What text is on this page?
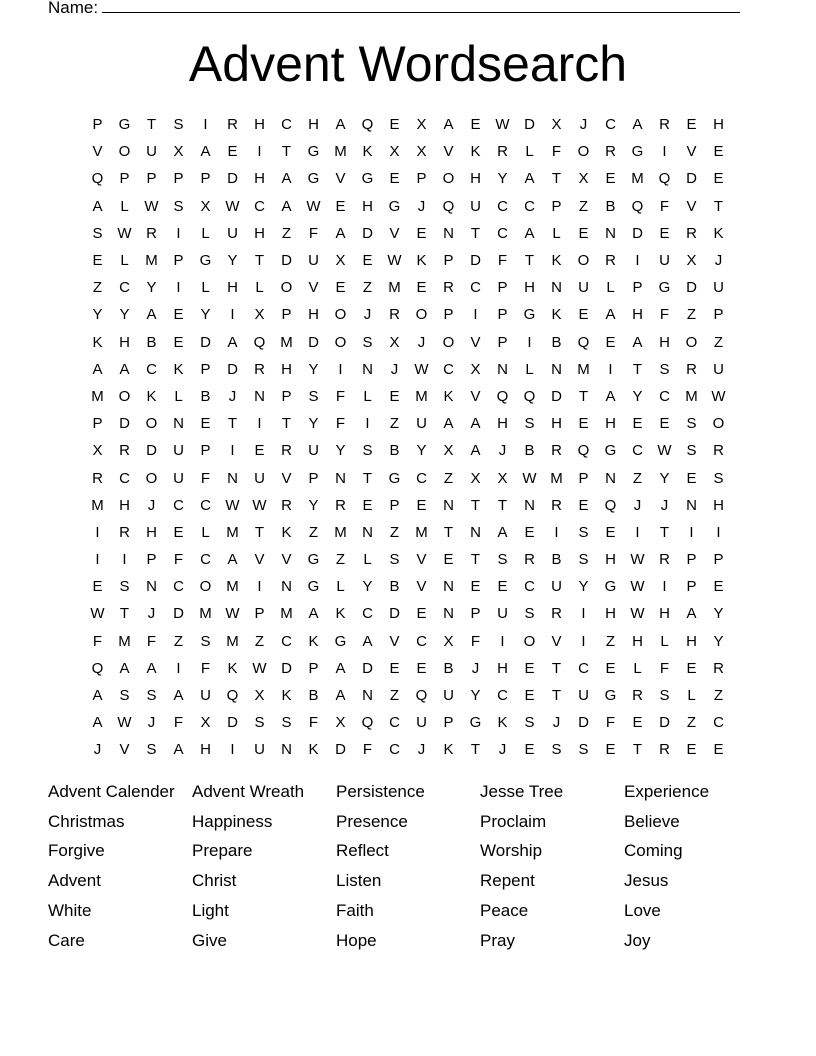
Name:
Advent Wordsearch
P	G	T	S	I	R	H	C	H	A	Q	E	X	A	E W D	X	J	C	A	R	E	H
V	O	U	X	A	E	I	T	G M	K	X	X	V	K	R	L	F	O	R	G	I	V	E
Q	P	P	P	P	D	H	A	G	V	G	E	P	O	H	Y	A	T	X	E	M Q	D	E
A	L	W S	X W C	A W E	H	G	J	Q	U	C	C	P	Z	B	Q	F	V	T
S W R	I	L	U	H	Z	F	A	D	V	E	N	T	C	A	L	E	N	D	E	R	K
E	L	M	P	G	Y	T	D	U	X	E W K	P	D	F	T	K	O	R	I	U	X	J
Z	C	Y	I	L	H	L	O	V	E	Z	M	E	R	C	P	H	N	U	L	P	G	D	U
Y	Y	A	E	Y	I	X	P	H	O	J	R	O	P	I	P	G	K	E	A	H	F	Z	P
K	H	B	E	D	A	Q M	D	O	S	X	J	O	V	P	I	B	Q	E	A	H	O	Z
A	A	C	K	P	D	R	H	Y	I	N	J	W C	X	N	L	N	M	I	T	S	R	U
M O	K	L	B	J	N	P	S	F	L	E	M	K	V	Q	Q	D	T	A	Y	C	M W
P	D	O	N	E	T	I	T	Y	F	I	Z	U	A	A	H	S	H	E	H	E	E	S	O
X	R	D	U	P	I	E	R	U	Y	S	B	Y	X	A	J	B	R	Q	G	C W S	R
R	C	O	U	F	N	U	V	P	N	T	G	C	Z	X	X W M	P	N	Z	Y	E	S
M	H	J	C	C W W R	Y	R	E	P	E	N	T	T	N	R	E	Q	J	J	N	H
I	R	H	E	L	M	T	K	Z	M	N	Z	M	T	N	A	E	I	S	E	I	T	I	I
I	I	P	F	C	A	V	V	G	Z	L	S	V	E	T	S	R	B	S	H W R	P	P
E	S	N	C	O M	I	N	G	L	Y	B	V	N	E	E	C	U	Y	G W	I	P	E
W	T	J	D	M W P	M	A	K	C	D	E	N	P	U	S	R	I	H W H	A	Y
F	M	F	Z	S	M	Z	C	K	G	A	V	C	X	F	I	O	V	I	Z	H	L	H	Y
Q	A	A	I	F	K W D	P	A	D	E	E	B	J	H	E	T	C	E	L	F	E	R
A	S	S	A	U	Q	X	K	B	A	N	Z	Q	U	Y	C	E	T	U	G	R	S	L	Z
A W	J	F	X	D	S	S	F	X	Q	C	U	P	G	K	S	J	D	F	E	D	Z	C
J	V	S	A	H	I	U	N	K	D	F	C	J	K	T	J	E	S	S	E	T	R	E	E
Advent Calender	Advent Wreath	Persistence	Jesse Tree	Experience
Christmas	Happiness	Presence	Proclaim	Believe
Forgive	Prepare	Reflect	Worship	Coming
Advent	Christ	Listen	Repent	Jesus
White	Light	Faith	Peace	Love
Care	Give	Hope	Pray	Joy
